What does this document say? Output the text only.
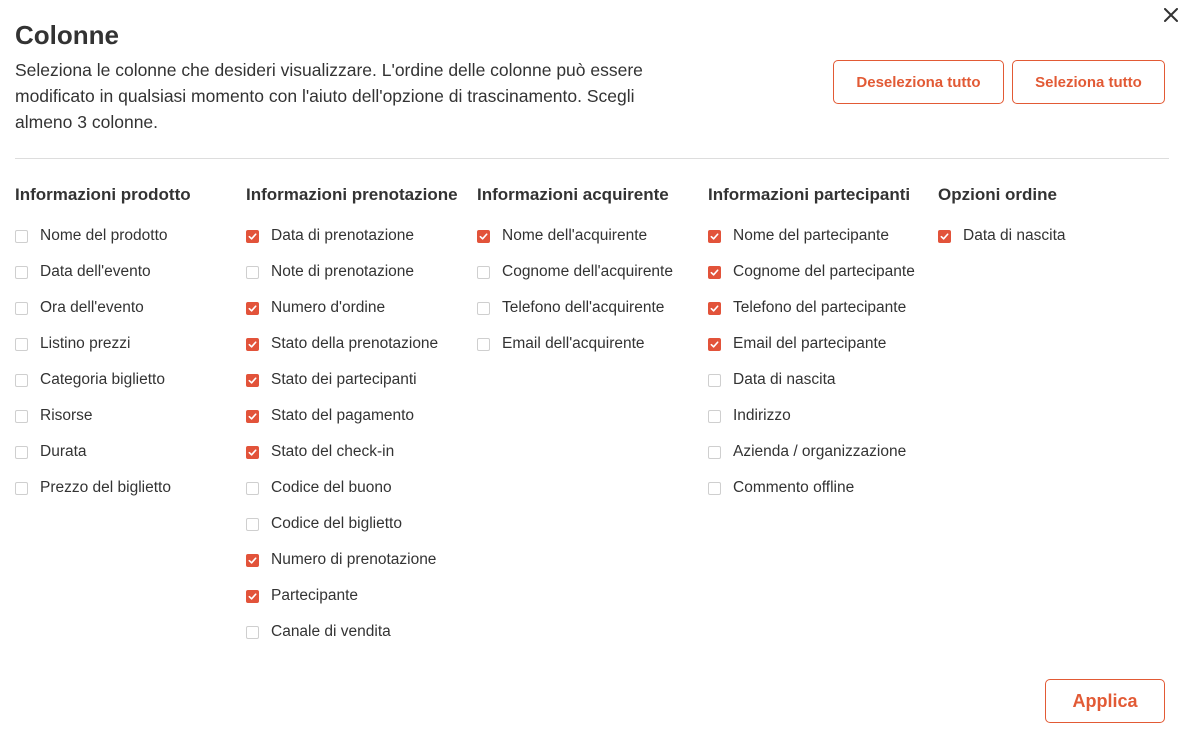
Colonne

Seleziona le colonne che desideri visualizzare. L'ordine delle colonne può essere modificato in qualsiasi momento con l'aiuto dell'opzione di trascinamento. Scegli almeno 3 colonne.

Deseleziona tutto	Seleziona tutto
Informazioni prodotto
Nome del prodotto
Data dell'evento
Ora dell'evento
Listino prezzi
Categoria biglietto
Risorse
Durata
Prezzo del biglietto
Informazioni prenotazione
Data di prenotazione
Note di prenotazione
Numero d'ordine
Stato della prenotazione
Stato dei partecipanti
Stato del pagamento
Stato del check-in
Codice del buono
Codice del biglietto
Numero di prenotazione
Partecipante
Canale di vendita
Informazioni acquirente
Nome dell'acquirente
Cognome dell'acquirente
Telefono dell'acquirente
Email dell'acquirente
Informazioni partecipanti
Nome del partecipante
Cognome del partecipante
Telefono del partecipante
Email del partecipante
Data di nascita
Indirizzo
Azienda / organizzazione
Commento offline
Opzioni ordine
Data di nascita
Applica
